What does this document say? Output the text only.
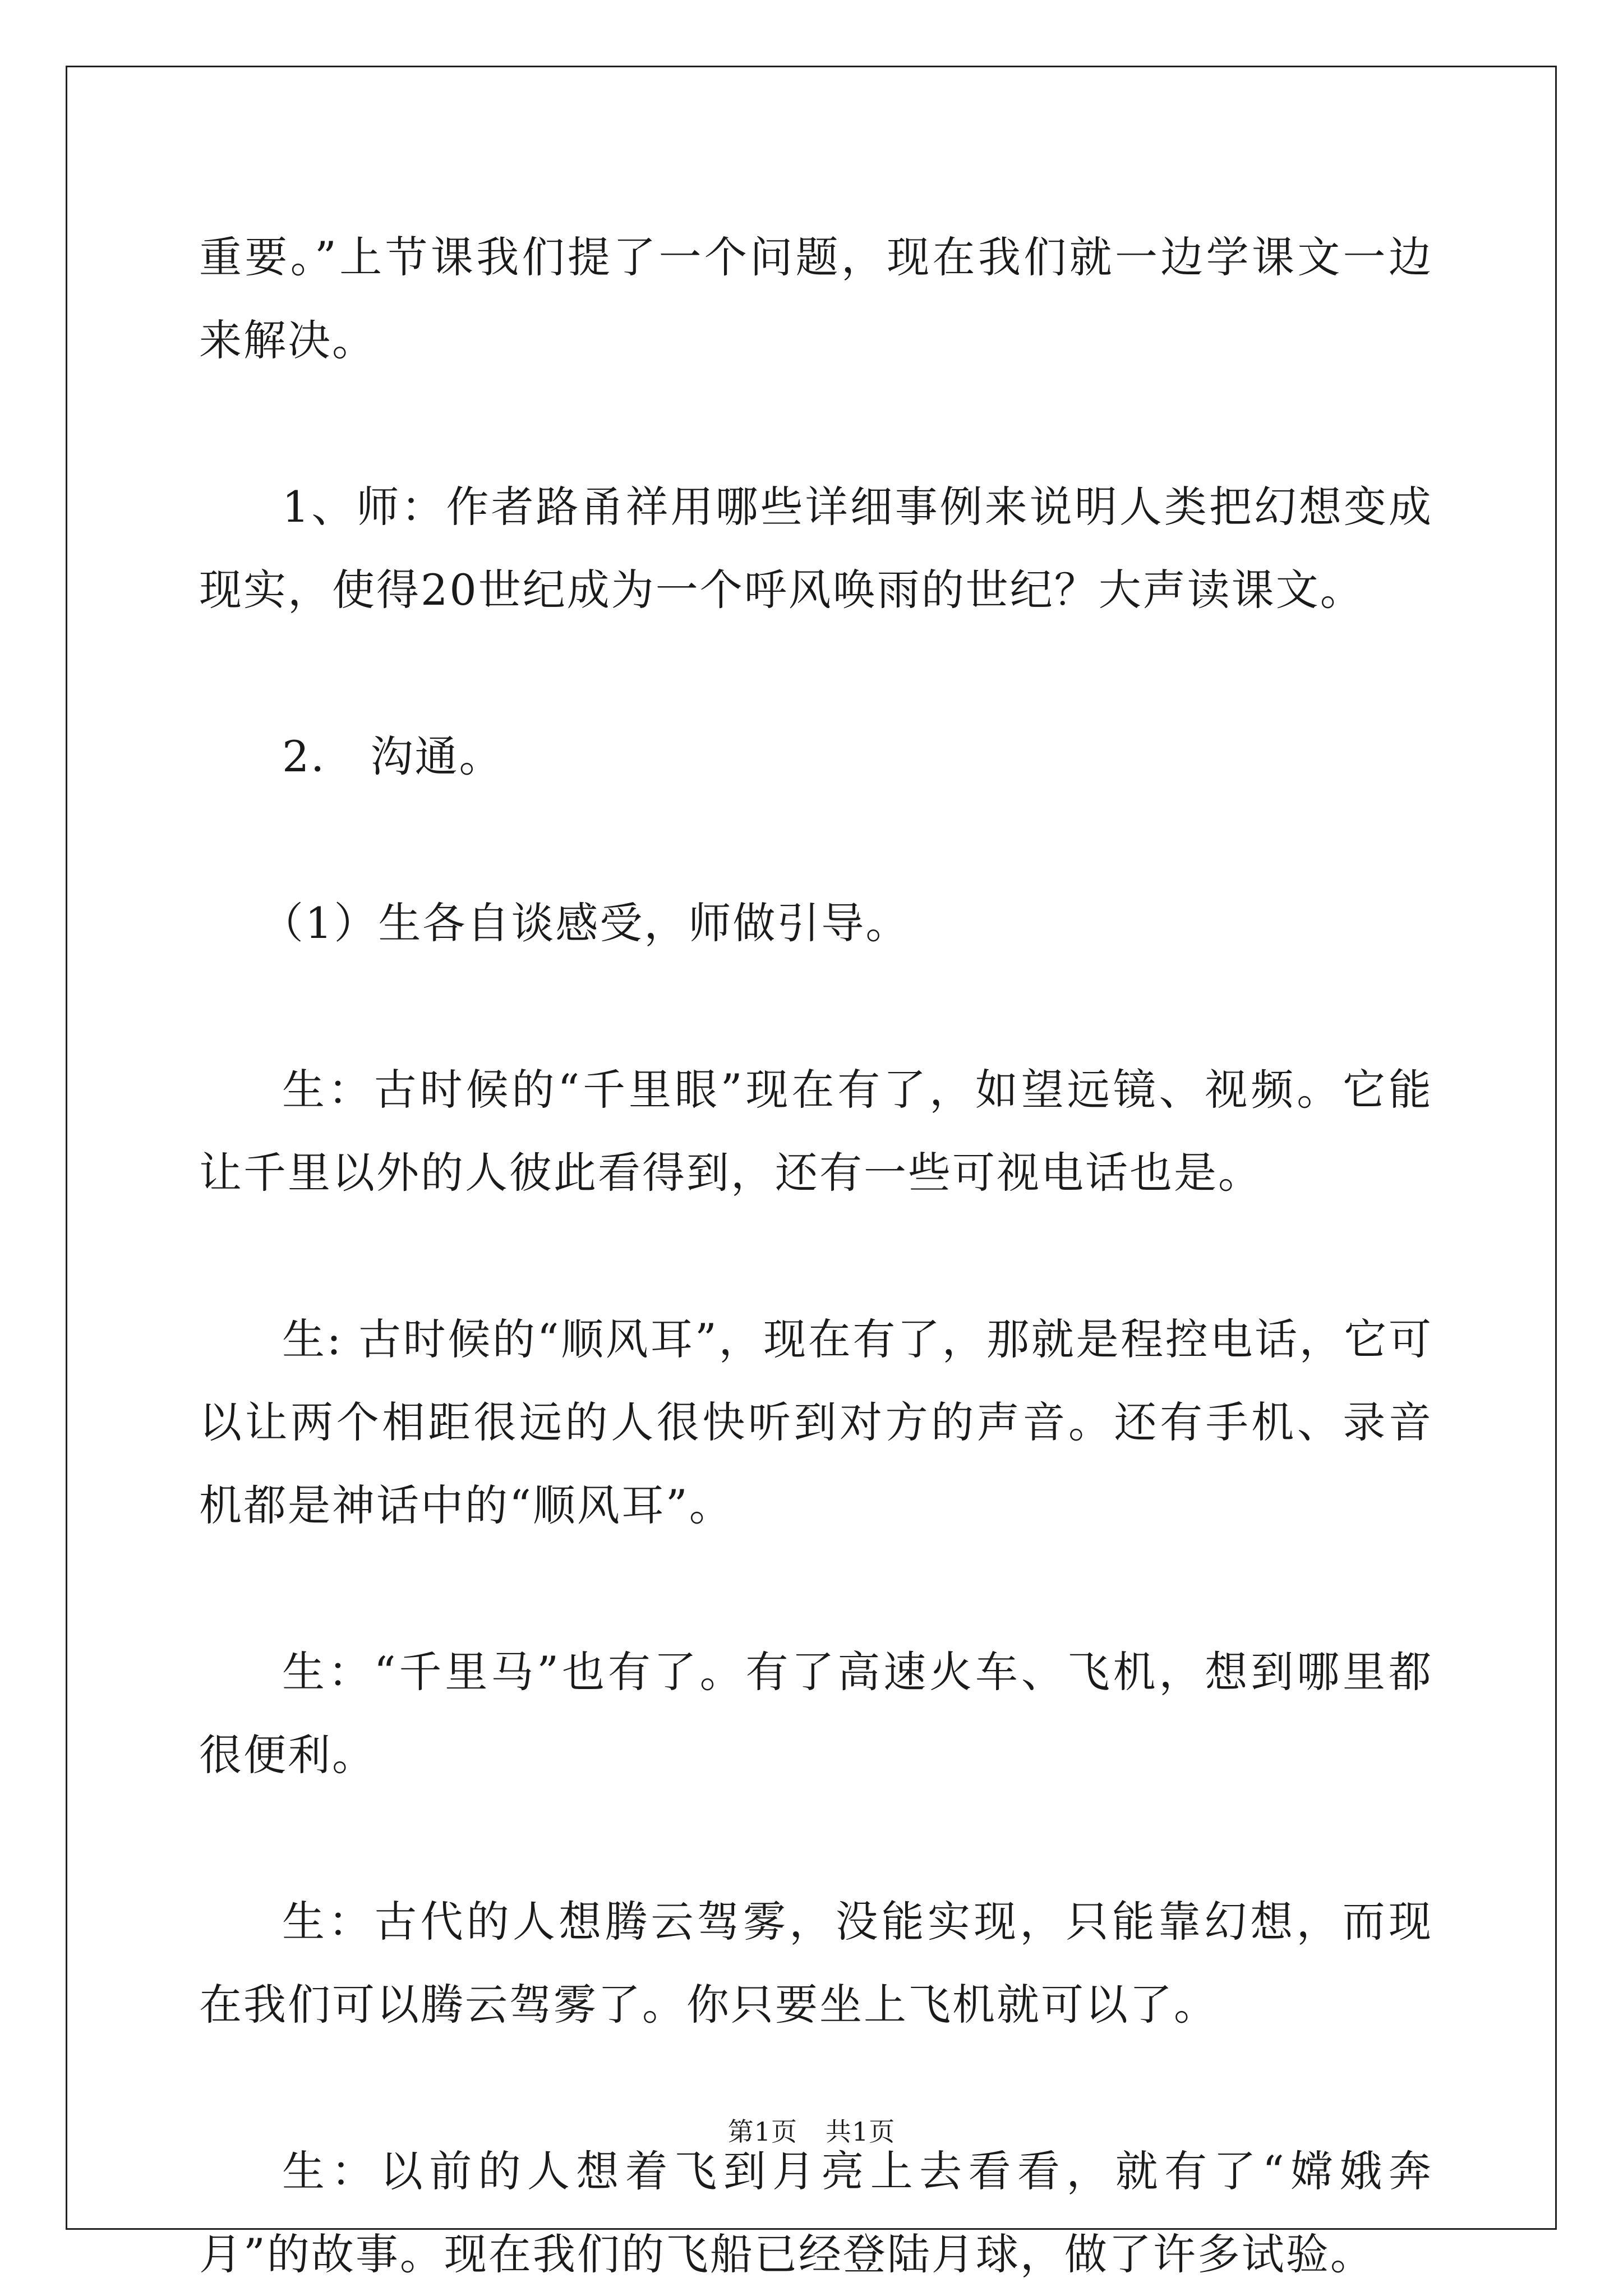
重要。”上节课我们提了一个问题，现在我们就一边学课文一边来解决。

1、师：作者路甬祥用哪些详细事例来说明人类把幻想变成现实，使得20世纪成为一个呼风唤雨的世纪？大声读课文。

2． 沟通。

（1）生各自谈感受，师做引导。

生：古时候的“千里眼”现在有了，如望远镜、视频。它能让千里以外的人彼此看得到，还有一些可视电话也是。

生: 古时候的“顺风耳”，现在有了，那就是程控电话，它可以让两个相距很远的人很快听到对方的声音。还有手机、录音机都是神话中的“顺风耳”。

生：“千里马”也有了。有了高速火车、飞机，想到哪里都很便利。

生：古代的人想腾云驾雾，没能实现，只能靠幻想，而现在我们可以腾云驾雾了。你只要坐上飞机就可以了。

生：以前的人想着飞到月亮上去看看，就有了“嫦娥奔月”的故事。现在我们的飞船已经登陆月球，做了许多试验。

第1页 共1页
